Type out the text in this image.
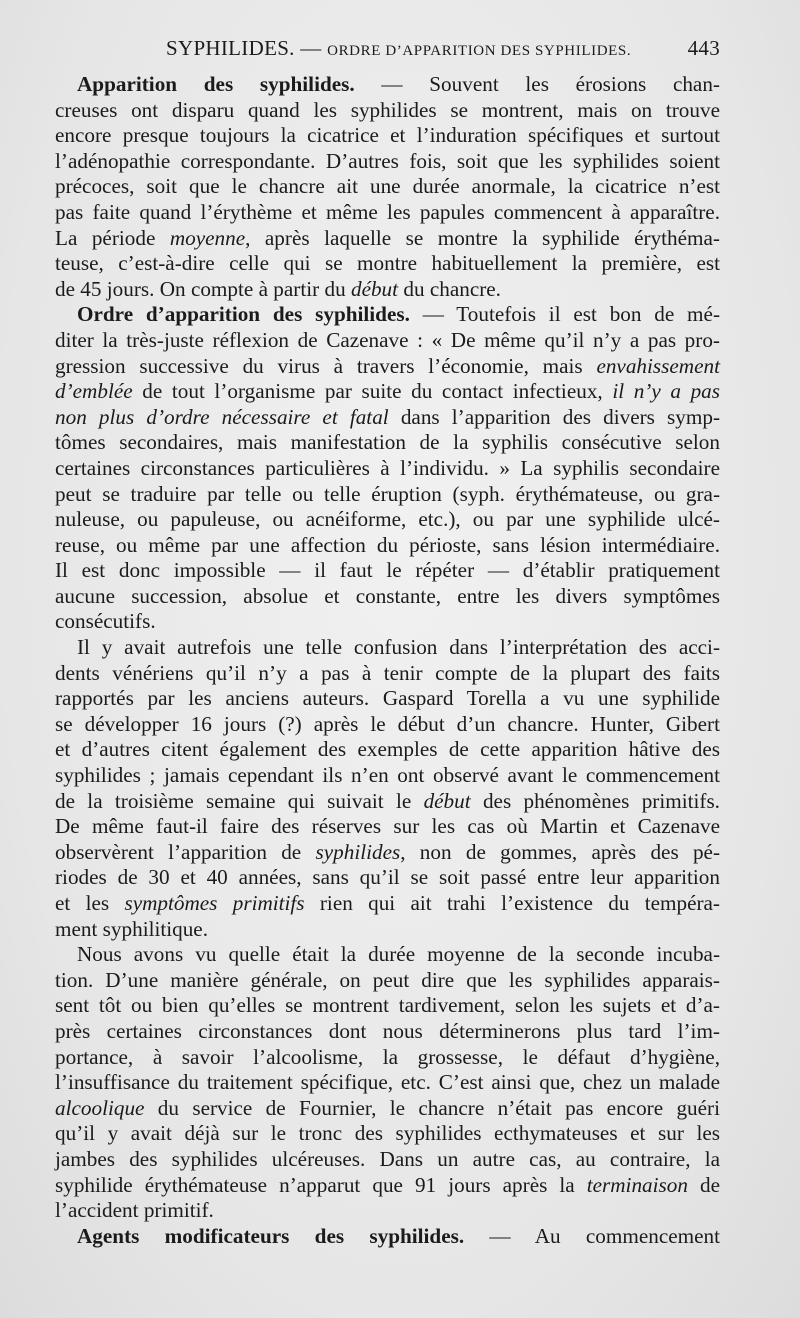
SYPHILIDES. — ORDRE D’APPARITION DES SYPHILIDES.	443
Apparition des syphilides. — Souvent les érosions chan-
creuses ont disparu quand les syphilides se montrent, mais on trouve
encore presque toujours la cicatrice et l’induration spécifiques et surtout
l’adénopathie correspondante. D’autres fois, soit que les syphilides soient
précoces, soit que le chancre ait une durée anormale, la cicatrice n’est
pas faite quand l’érythème et même les papules commencent à apparaître.
La période moyenne, après laquelle se montre la syphilide érythéma-
teuse, c’est-à-dire celle qui se montre habituellement la première, est
de 45 jours. On compte à partir du début du chancre.
Ordre d’apparition des syphilides. — Toutefois il est bon de mé-
diter la très-juste réflexion de Cazenave : « De même qu’il n’y a pas pro-
gression successive du virus à travers l’économie, mais envahissement
d’emblée de tout l’organisme par suite du contact infectieux, il n’y a pas
non plus d’ordre nécessaire et fatal dans l’apparition des divers symp-
tômes secondaires, mais manifestation de la syphilis consécutive selon
certaines circonstances particulières à l’individu. » La syphilis secondaire
peut se traduire par telle ou telle éruption (syph. érythémateuse, ou gra-
nuleuse, ou papuleuse, ou acnéiforme, etc.), ou par une syphilide ulcé-
reuse, ou même par une affection du périoste, sans lésion intermédiaire.
Il est donc impossible — il faut le répéter — d’établir pratiquement
aucune succession, absolue et constante, entre les divers symptômes
consécutifs.
Il y avait autrefois une telle confusion dans l’interprétation des acci-
dents vénériens qu’il n’y a pas à tenir compte de la plupart des faits
rapportés par les anciens auteurs. Gaspard Torella a vu une syphilide
se développer 16 jours (?) après le début d’un chancre. Hunter, Gibert
et d’autres citent également des exemples de cette apparition hâtive des
syphilides ; jamais cependant ils n’en ont observé avant le commencement
de la troisième semaine qui suivait le début des phénomènes primitifs.
De même faut-il faire des réserves sur les cas où Martin et Cazenave
observèrent l’apparition de syphilides, non de gommes, après des pé-
riodes de 30 et 40 années, sans qu’il se soit passé entre leur apparition
et les symptômes primitifs rien qui ait trahi l’existence du tempéra-
ment syphilitique.
Nous avons vu quelle était la durée moyenne de la seconde incuba-
tion. D’une manière générale, on peut dire que les syphilides apparais-
sent tôt ou bien qu’elles se montrent tardivement, selon les sujets et d’a-
près certaines circonstances dont nous déterminerons plus tard l’im-
portance, à savoir l’alcoolisme, la grossesse, le défaut d’hygiène,
l’insuffisance du traitement spécifique, etc. C’est ainsi que, chez un malade
alcoolique du service de Fournier, le chancre n’était pas encore guéri
qu’il y avait déjà sur le tronc des syphilides ecthymateuses et sur les
jambes des syphilides ulcéreuses. Dans un autre cas, au contraire, la
syphilide érythémateuse n’apparut que 91 jours après la terminaison de
l’accident primitif.
Agents modificateurs des syphilides. — Au commencement
